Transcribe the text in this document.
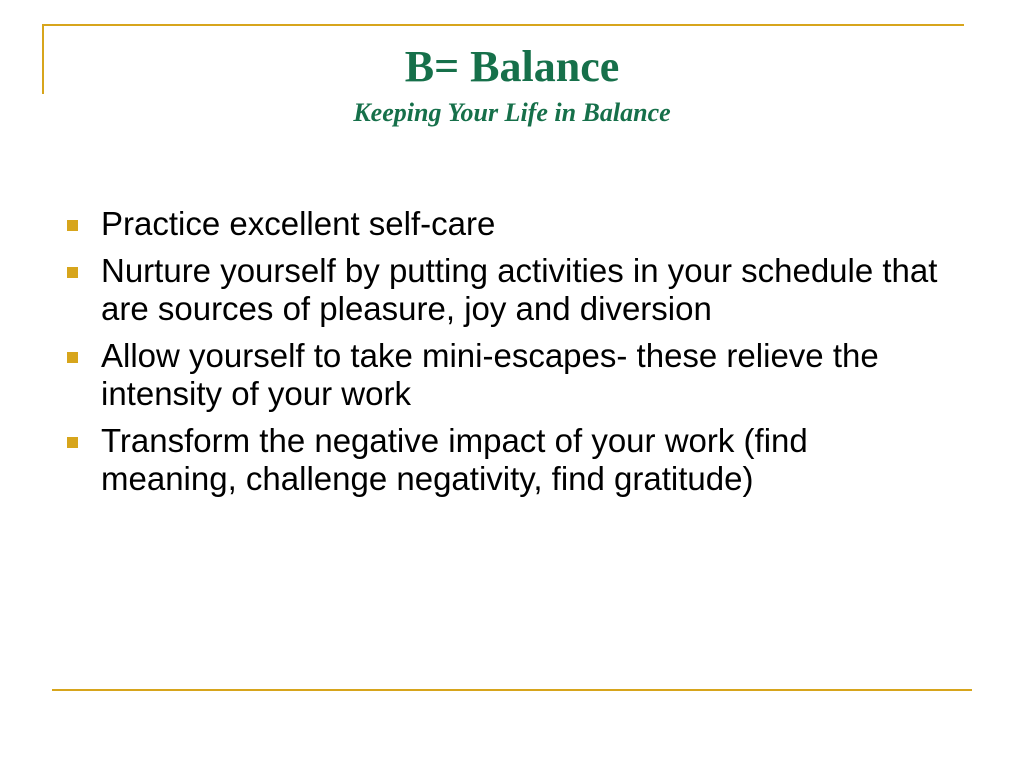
B= Balance
Keeping Your Life in Balance
Practice excellent self-care
Nurture yourself by putting activities in your schedule that are sources of pleasure, joy and diversion
Allow yourself to take mini-escapes- these relieve the intensity of your work
Transform the negative impact of your work (find meaning, challenge negativity, find gratitude)
